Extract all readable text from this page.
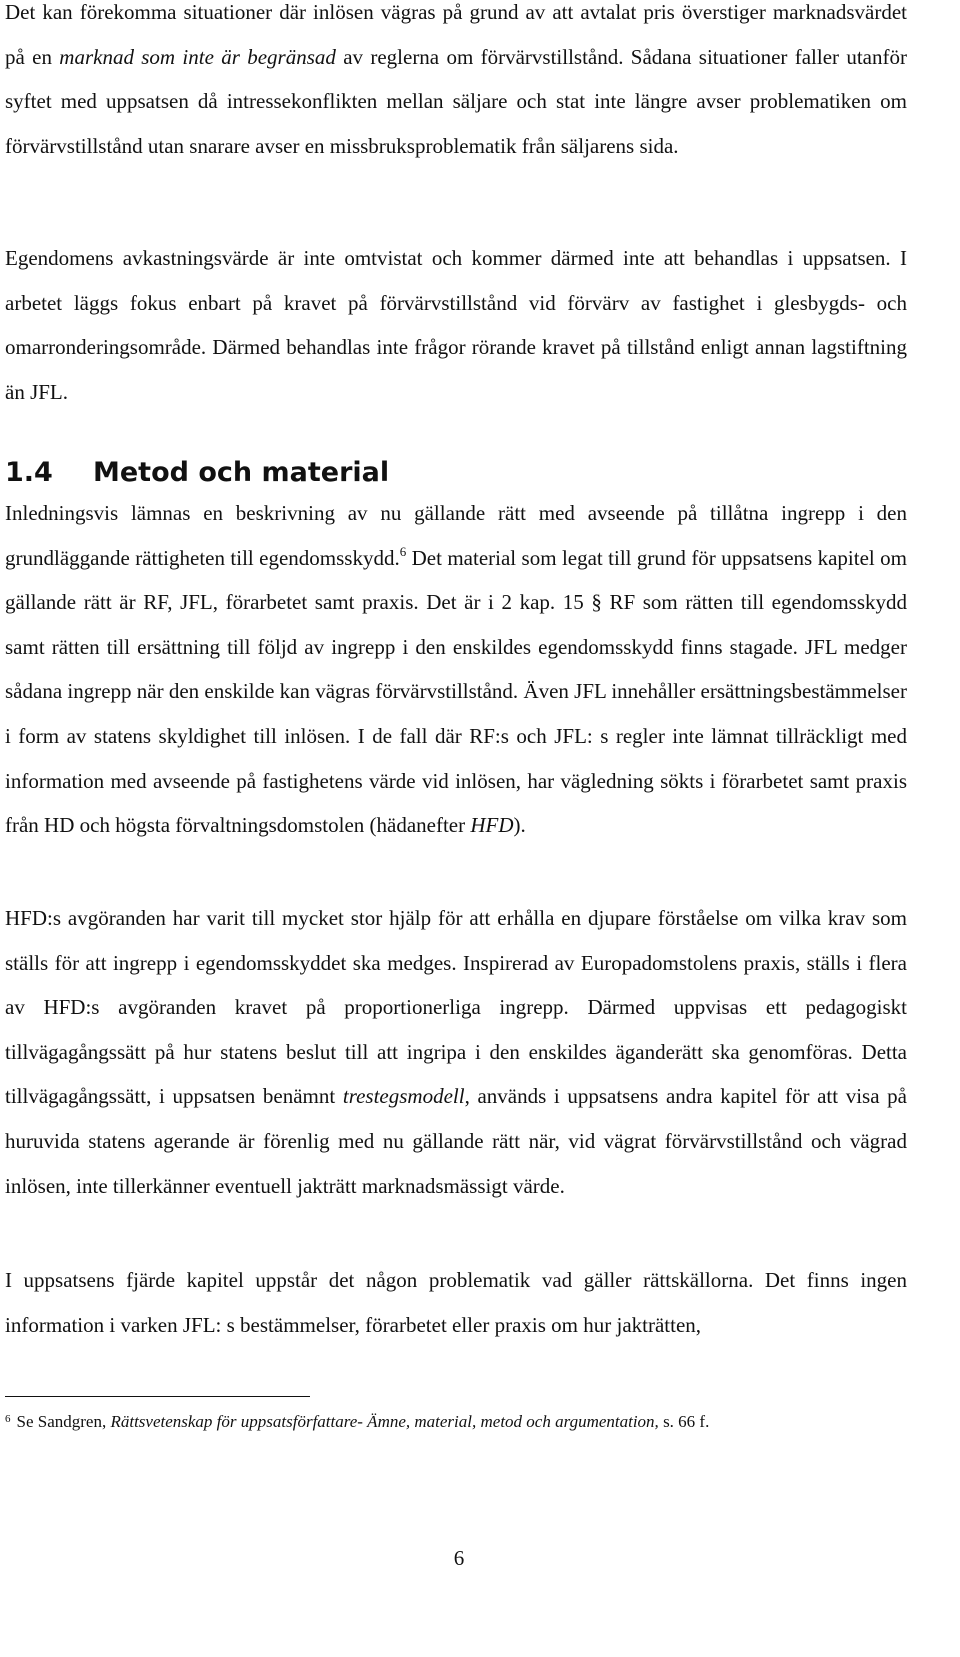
Det kan förekomma situationer där inlösen vägras på grund av att avtalat pris överstiger marknadsvärdet på en marknad som inte är begränsad av reglerna om förvärvstillstånd. Sådana situationer faller utanför syftet med uppsatsen då intressekonflikten mellan säljare och stat inte längre avser problematiken om förvärvstillstånd utan snarare avser en missbruksproblematik från säljarens sida.

Egendomens avkastningsvärde är inte omtvistat och kommer därmed inte att behandlas i uppsatsen. I arbetet läggs fokus enbart på kravet på förvärvstillstånd vid förvärv av fastighet i glesbygds- och omarronderingsområde. Därmed behandlas inte frågor rörande kravet på tillstånd enligt annan lagstiftning än JFL.

1.4 Metod och material

Inledningsvis lämnas en beskrivning av nu gällande rätt med avseende på tillåtna ingrepp i den grundläggande rättigheten till egendomsskydd.$^6$ Det material som legat till grund för uppsatsens kapitel om gällande rätt är RF, JFL, förarbetet samt praxis. Det är i 2 kap. 15 § RF som rätten till egendomsskydd samt rätten till ersättning till följd av ingrepp i den enskildes egendomsskydd finns stagade. JFL medger sådana ingrepp när den enskilde kan vägras förvärvstillstånd. Även JFL innehåller ersättningsbestämmelser i form av statens skyldighet till inlösen. I de fall där RF:s och JFL: s regler inte lämnat tillräckligt med information med avseende på fastighetens värde vid inlösen, har vägledning sökts i förarbetet samt praxis från HD och högsta förvaltningsdomstolen (hädanefter HFD).

HFD:s avgöranden har varit till mycket stor hjälp för att erhålla en djupare förståelse om vilka krav som ställs för att ingrepp i egendomsskyddet ska medges. Inspirerad av Europadomstolens praxis, ställs i flera av HFD:s avgöranden kravet på proportionerliga ingrepp. Därmed uppvisas ett pedagogiskt tillvägagångssätt på hur statens beslut till att ingripa i den enskildes äganderätt ska genomföras. Detta tillvägagångssätt, i uppsatsen benämnt trestegsmodell, används i uppsatsens andra kapitel för att visa på huruvida statens agerande är förenlig med nu gällande rätt när, vid vägrat förvärvstillstånd och vägrad inlösen, inte tillerkänner eventuell jakträtt marknadsmässigt värde.

I uppsatsens fjärde kapitel uppstår det någon problematik vad gäller rättskällorna. Det finns ingen information i varken JFL: s bestämmelser, förarbetet eller praxis om hur jakträtten,

$^6$ Se Sandgren, Rättsvetenskap för uppsatsförfattare- Ämne, material, metod och argumentation, s. 66 f.

6
